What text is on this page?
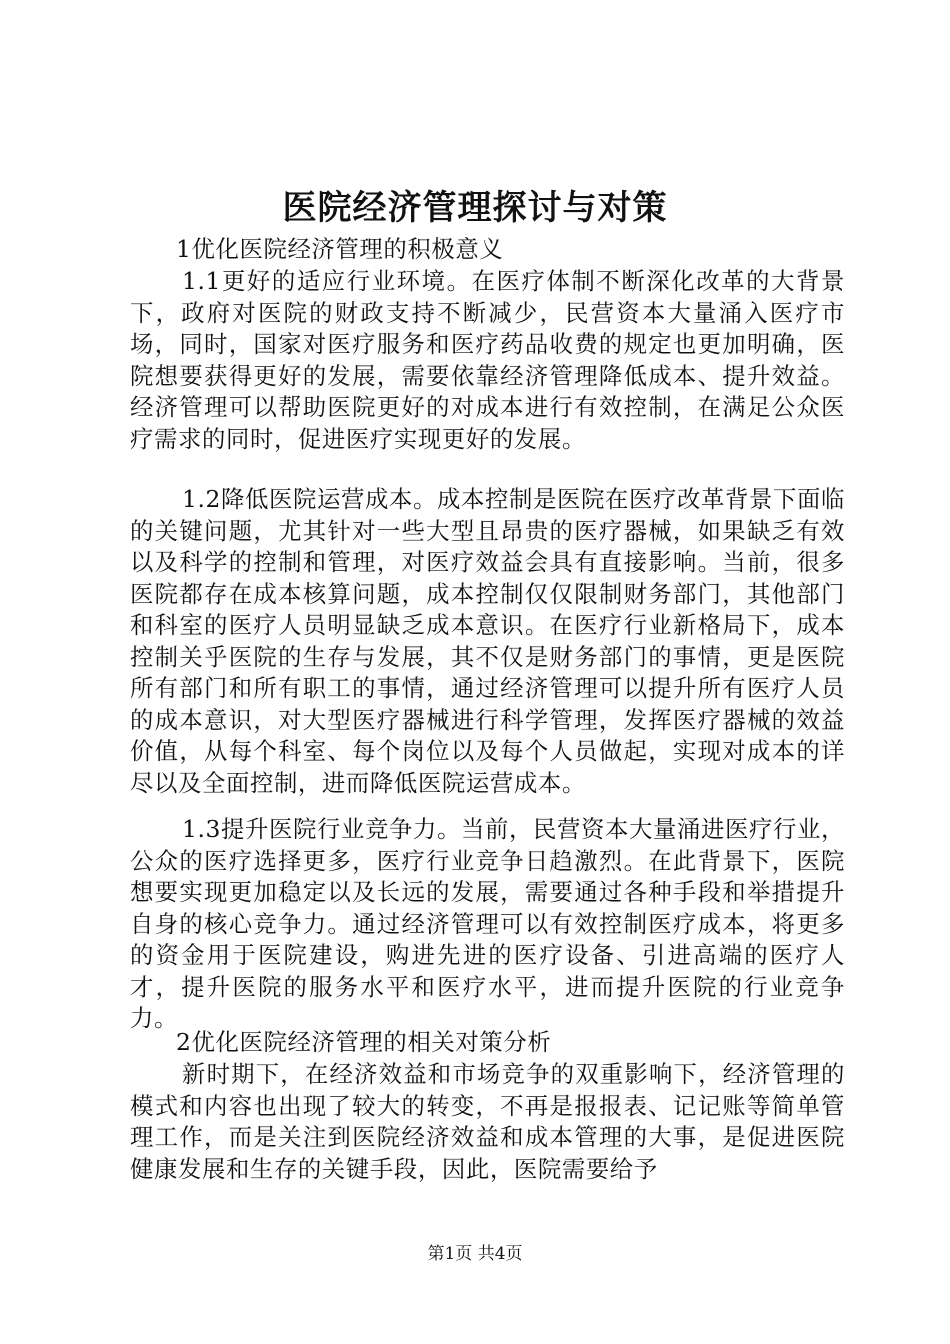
医院经济管理探讨与对策
1优化医院经济管理的积极意义
1.1更好的适应行业环境。在医疗体制不断深化改革的大背景下，政府对医院的财政支持不断减少，民营资本大量涌入医疗市场，同时，国家对医疗服务和医疗药品收费的规定也更加明确，医院想要获得更好的发展，需要依靠经济管理降低成本、提升效益。经济管理可以帮助医院更好的对成本进行有效控制，在满足公众医疗需求的同时，促进医疗实现更好的发展。
1.2降低医院运营成本。成本控制是医院在医疗改革背景下面临的关键问题，尤其针对一些大型且昂贵的医疗器械，如果缺乏有效以及科学的控制和管理，对医疗效益会具有直接影响。当前，很多医院都存在成本核算问题，成本控制仅仅限制财务部门，其他部门和科室的医疗人员明显缺乏成本意识。在医疗行业新格局下，成本控制关乎医院的生存与发展，其不仅是财务部门的事情，更是医院所有部门和所有职工的事情，通过经济管理可以提升所有医疗人员的成本意识，对大型医疗器械进行科学管理，发挥医疗器械的效益价值，从每个科室、每个岗位以及每个人员做起，实现对成本的详尽以及全面控制，进而降低医院运营成本。
1.3提升医院行业竞争力。当前，民营资本大量涌进医疗行业，公众的医疗选择更多，医疗行业竞争日趋激烈。在此背景下，医院想要实现更加稳定以及长远的发展，需要通过各种手段和举措提升自身的核心竞争力。通过经济管理可以有效控制医疗成本，将更多的资金用于医院建设，购进先进的医疗设备、引进高端的医疗人才，提升医院的服务水平和医疗水平，进而提升医院的行业竞争力。
2优化医院经济管理的相关对策分析
新时期下，在经济效益和市场竞争的双重影响下，经济管理的模式和内容也出现了较大的转变，不再是报报表、记记账等简单管理工作，而是关注到医院经济效益和成本管理的大事，是促进医院健康发展和生存的关键手段，因此，医院需要给予
第1页 共4页
